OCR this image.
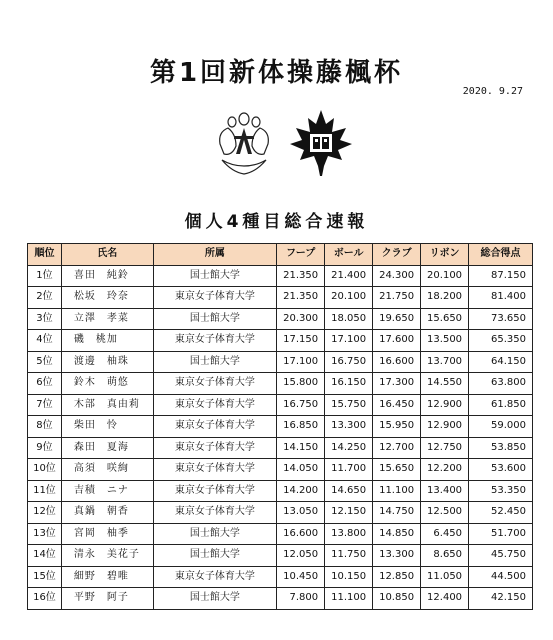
第1回新体操藤楓杯
2020. 9.27
個人4種目総合速報
順位	氏名	所属	フープ	ボール	クラブ	リボン	総合得点
1位	喜田　純鈴	国士館大学	21.350	21.400	24.300	20.100	87.150
2位	松坂　玲奈	東京女子体育大学	21.350	20.100	21.750	18.200	81.400
3位	立澤　孝菜	国士館大学	20.300	18.050	19.650	15.650	73.650
4位	磯　桃加	東京女子体育大学	17.150	17.100	17.600	13.500	65.350
5位	渡邊　柚珠	国士館大学	17.100	16.750	16.600	13.700	64.150
6位	鈴木　萌悠	東京女子体育大学	15.800	16.150	17.300	14.550	63.800
7位	木部　真由莉	東京女子体育大学	16.750	15.750	16.450	12.900	61.850
8位	柴田　怜	東京女子体育大学	16.850	13.300	15.950	12.900	59.000
9位	森田　夏海	東京女子体育大学	14.150	14.250	12.700	12.750	53.850
10位	高須　咲絢	東京女子体育大学	14.050	11.700	15.650	12.200	53.600
11位	吉積　ニナ	東京女子体育大学	14.200	14.650	11.100	13.400	53.350
12位	真鍋　朝香	東京女子体育大学	13.050	12.150	14.750	12.500	52.450
13位	宮岡　柚季	国士館大学	16.600	13.800	14.850	6.450	51.700
14位	清永　美花子	国士館大学	12.050	11.750	13.300	8.650	45.750
15位	細野　碧唯	東京女子体育大学	10.450	10.150	12.850	11.050	44.500
16位	平野　阿子	国士館大学	7.800	11.100	10.850	12.400	42.150
